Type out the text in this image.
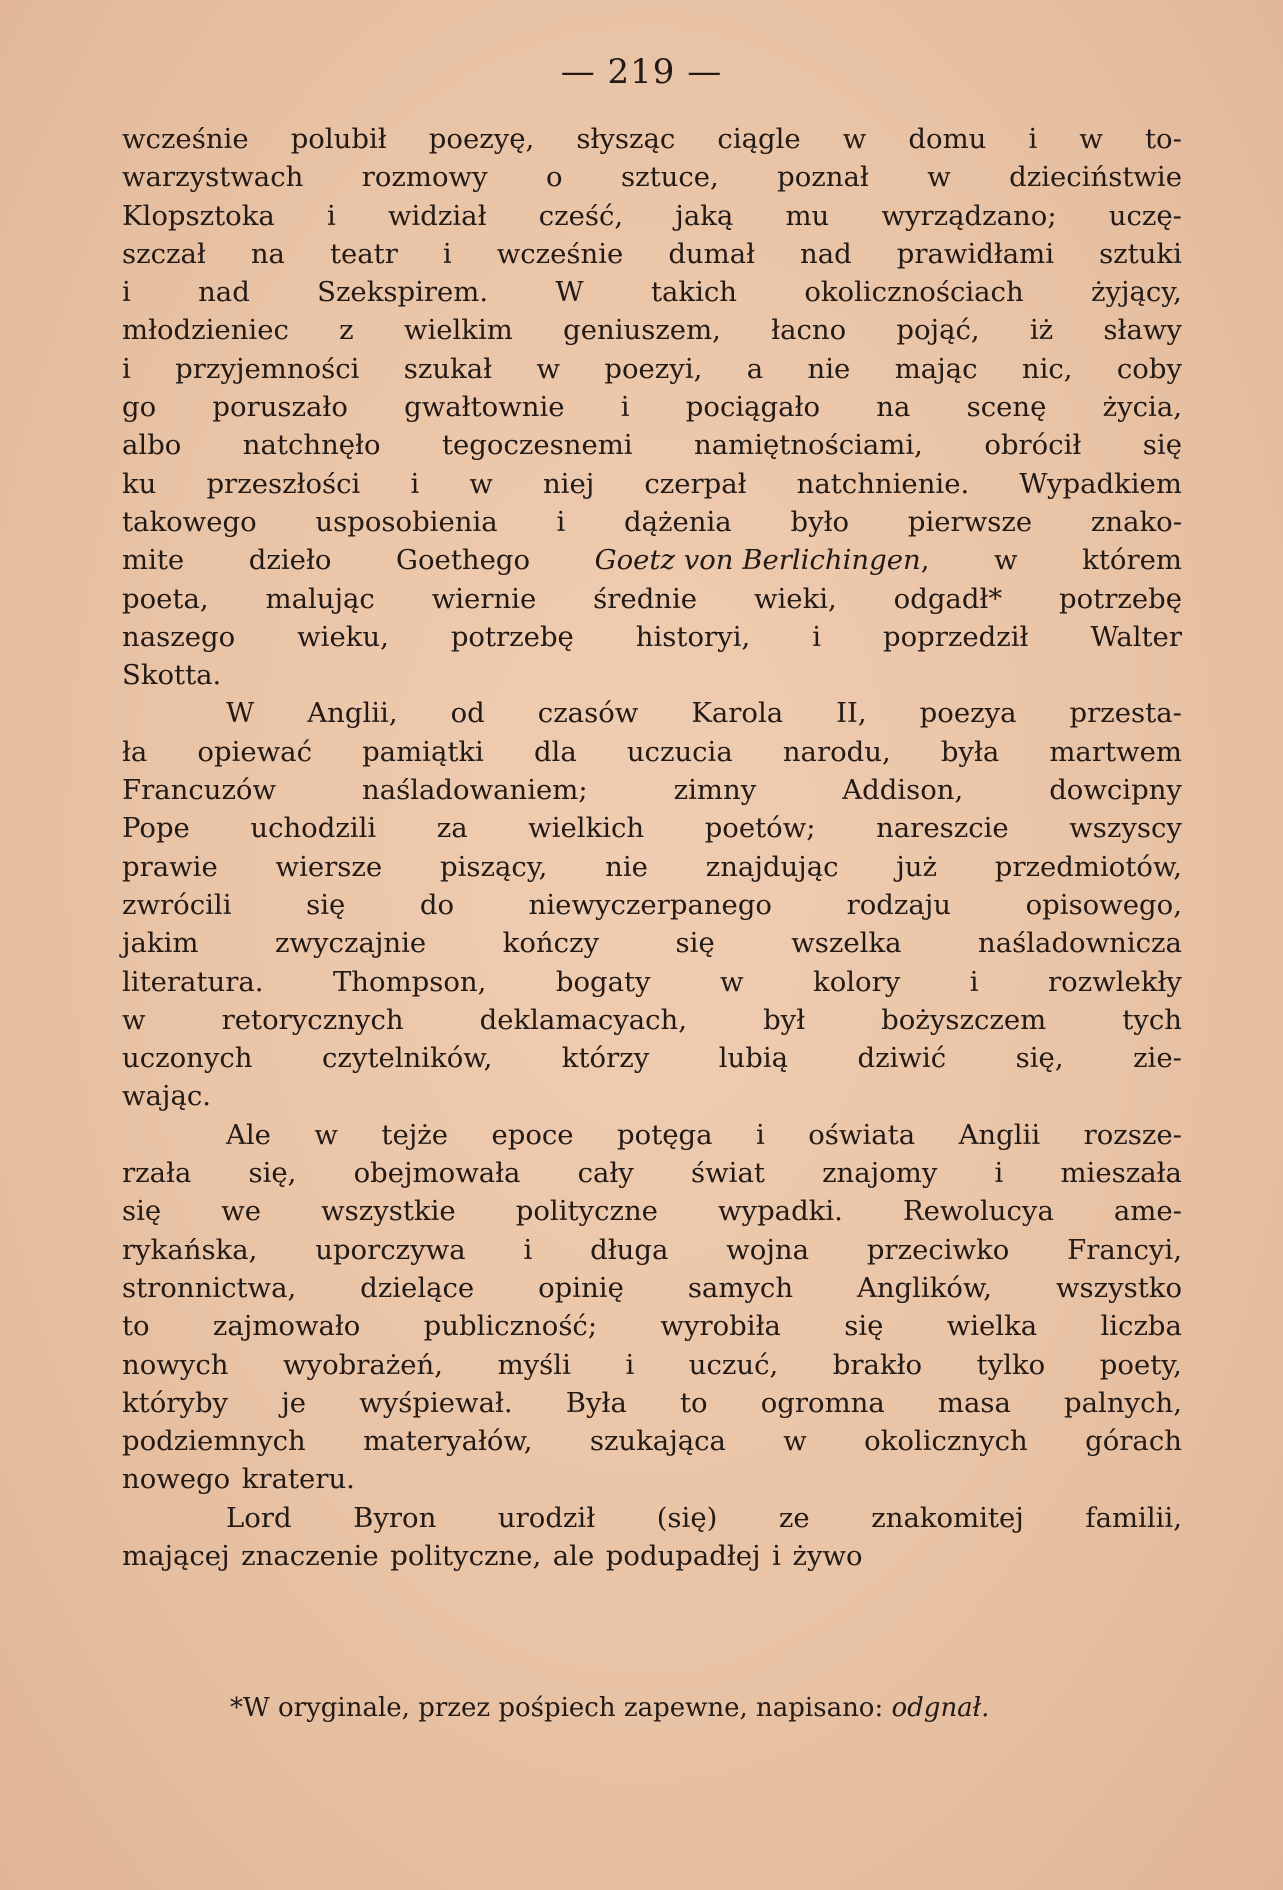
— 219 —
wcześnie polubił poezyę, słysząc ciągle w domu i w to-
warzystwach rozmowy o sztuce, poznał w dzieciństwie
Klopsztoka i widział cześć, jaką mu wyrządzano; uczę-
szczał na teatr i wcześnie dumał nad prawidłami sztuki
i nad Szekspirem. W takich okolicznościach żyjący,
młodzieniec z wielkim geniuszem, łacno pojąć, iż sławy
i przyjemności szukał w poezyi, a nie mając nic, coby
go poruszało gwałtownie i pociągało na scenę życia,
albo natchnęło tegoczesnemi namiętnościami, obrócił się
ku przeszłości i w niej czerpał natchnienie. Wypadkiem
takowego usposobienia i dążenia było pierwsze znako-
mite dzieło Goethego Goetz von Berlichingen, w którem
poeta, malując wiernie średnie wieki, odgadł* potrzebę
naszego wieku, potrzebę historyi, i poprzedził Walter
Skotta.
W Anglii, od czasów Karola II, poezya przesta-
ła opiewać pamiątki dla uczucia narodu, była martwem
Francuzów	naśladowaniem;	zimny	Addison,	dowcipny
Pope uchodzili za wielkich poetów; nareszcie wszyscy
prawie wiersze piszący, nie znajdując już przedmiotów,
zwrócili	się	do	niewyczerpanego	rodzaju	opisowego,
jakim	zwyczajnie	kończy	się	wszelka	naśladownicza
literatura.	Thompson,	bogaty	w	kolory	i	rozwlekły
w	retorycznych	deklamacyach,	był	bożyszczem	tych
uczonych	czytelników,	którzy	lubią	dziwić	się,	zie-
wając.
Ale w tejże epoce potęga i oświata Anglii rozsze-
rzała się, obejmowała cały świat znajomy i mieszała
się we wszystkie polityczne wypadki. Rewolucya ame-
rykańska, uporczywa i długa wojna przeciwko Francyi,
stronnictwa, dzielące opinię samych Anglików, wszystko
to zajmowało publiczność; wyrobiła się wielka liczba
nowych wyobrażeń, myśli i uczuć, brakło tylko poety,
któryby je wyśpiewał. Była to ogromna masa palnych,
podziemnych materyałów, szukająca w okolicznych górach
nowego krateru.
Lord Byron urodził (się) ze znakomitej familii,
mającej znaczenie polityczne, ale podupadłej i żywo
*W oryginale, przez pośpiech zapewne, napisano: odgnał.
